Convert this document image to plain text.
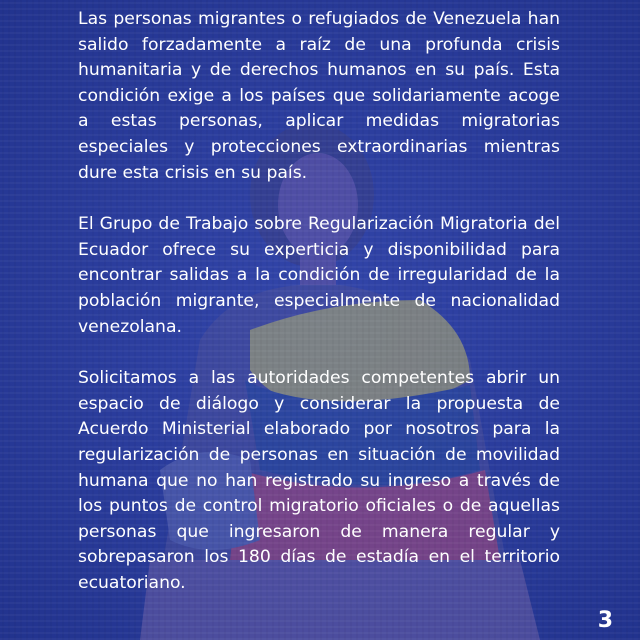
Las personas migrantes o refugiados de Venezuela han salido forzadamente a raíz de una profunda crisis humanitaria y de derechos humanos en su país. Esta condición exige a los países que solidariamente acoge a estas personas, aplicar medidas migratorias especiales y protecciones extraordinarias mientras dure esta crisis en su país.

El Grupo de Trabajo sobre Regularización Migratoria del Ecuador ofrece su experticia y disponibilidad para encontrar salidas a la condición de irregularidad de la población migrante, especialmente de nacionalidad venezolana.

Solicitamos a las autoridades competentes abrir un espacio de diálogo y considerar la propuesta de Acuerdo Ministerial elaborado por nosotros para la regularización de personas en situación de movilidad humana que no han registrado su ingreso a través de los puntos de control migratorio oficiales o de aquellas personas que ingresaron de manera regular y sobrepasaron los 180 días de estadía en el territorio ecuatoriano.

3
